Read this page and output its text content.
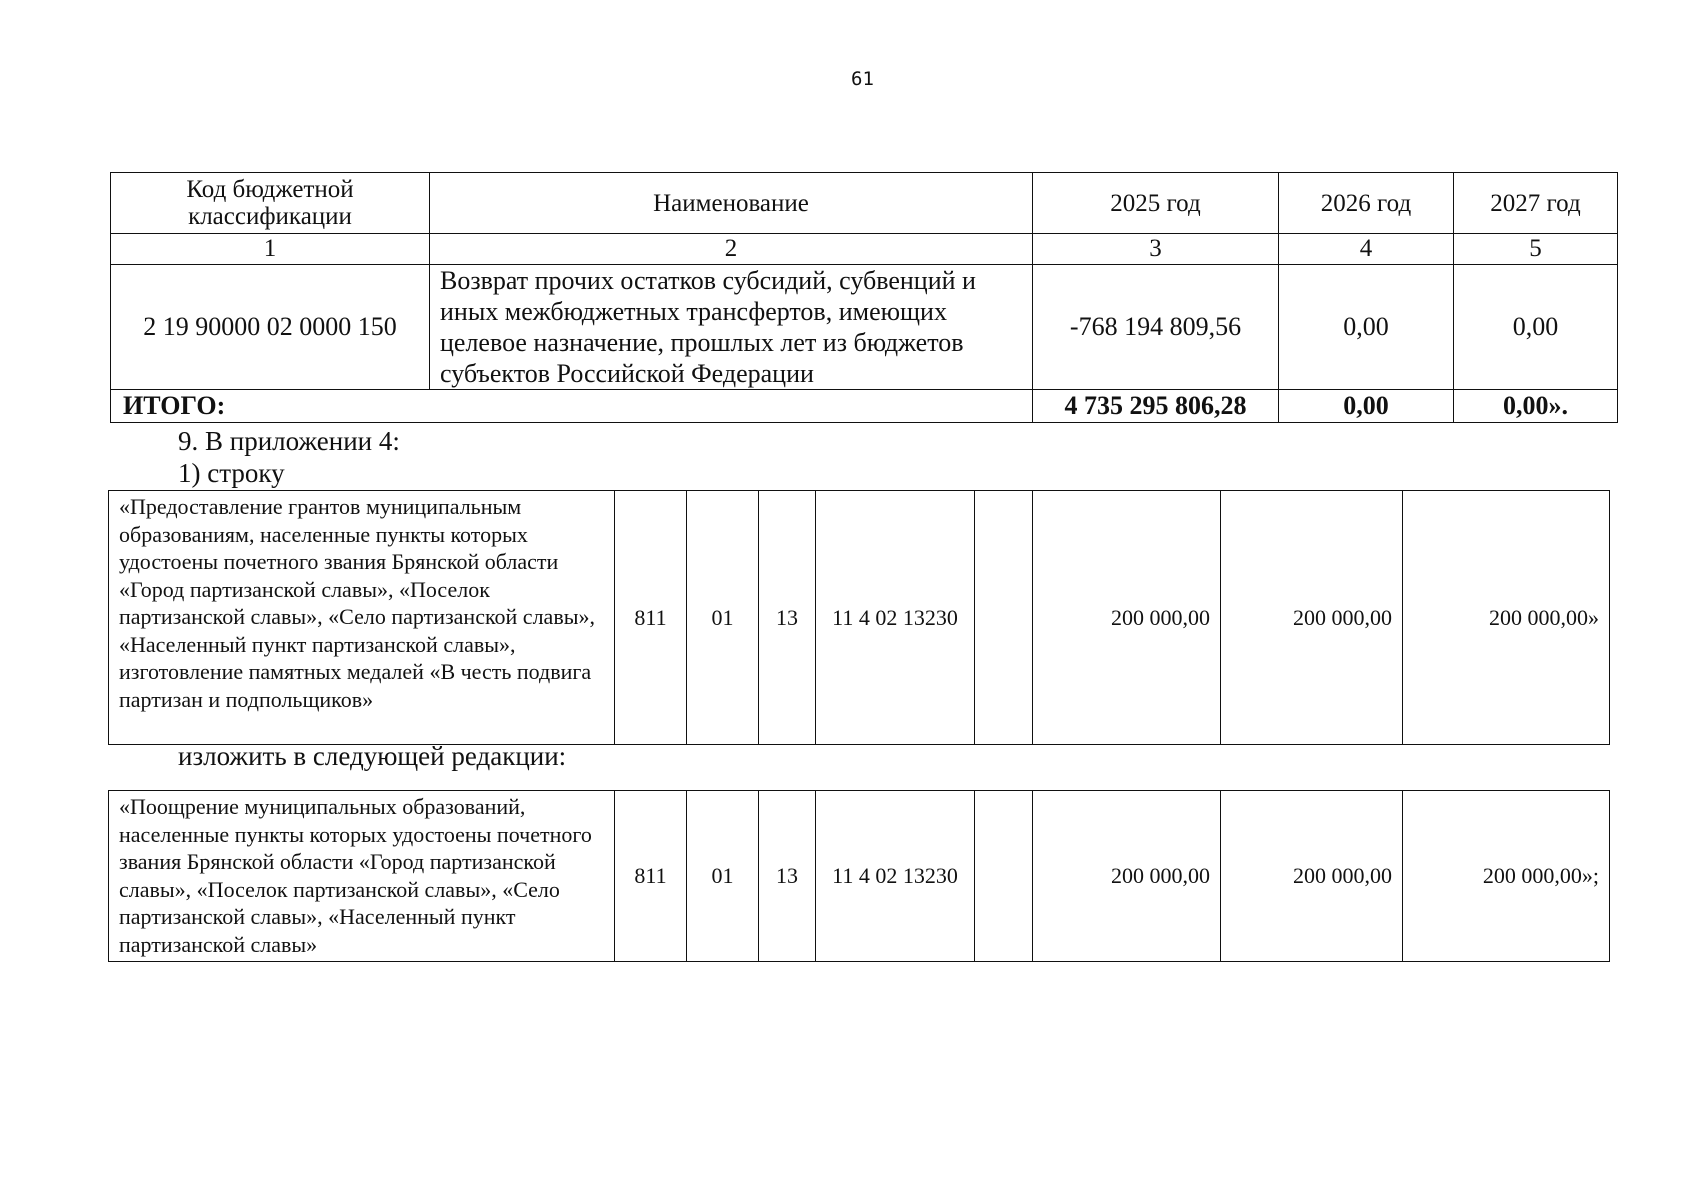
61
Код бюджетной классификации	Наименование	2025 год	2026 год	2027 год
1	2	3	4	5
2 19 90000 02 0000 150	Возврат прочих остатков субсидий, субвенций и иных межбюджетных трансфертов, имеющих целевое назначение, прошлых лет из бюджетов субъектов Российской Федерации	-768 194 809,56	0,00	0,00
ИТОГО:		4 735 295 806,28	0,00	0,00».
9. В приложении 4:
1) строку
«Предоставление грантов муниципальным образованиям, населенные пункты которых удостоены почетного звания Брянской области «Город партизанской славы», «Поселок партизанской славы», «Село партизанской славы», «Населенный пункт партизанской славы», изготовление памятных медалей «В честь подвига партизан и подпольщиков»	811	01	13	11 4 02 13230		200 000,00	200 000,00	200 000,00»
изложить в следующей редакции:
«Поощрение муниципальных образований, населенные пункты которых удостоены почетного звания Брянской области «Город партизанской славы», «Поселок партизанской славы», «Село партизанской славы», «Населенный пункт партизанской славы»	811	01	13	11 4 02 13230		200 000,00	200 000,00	200 000,00»;
